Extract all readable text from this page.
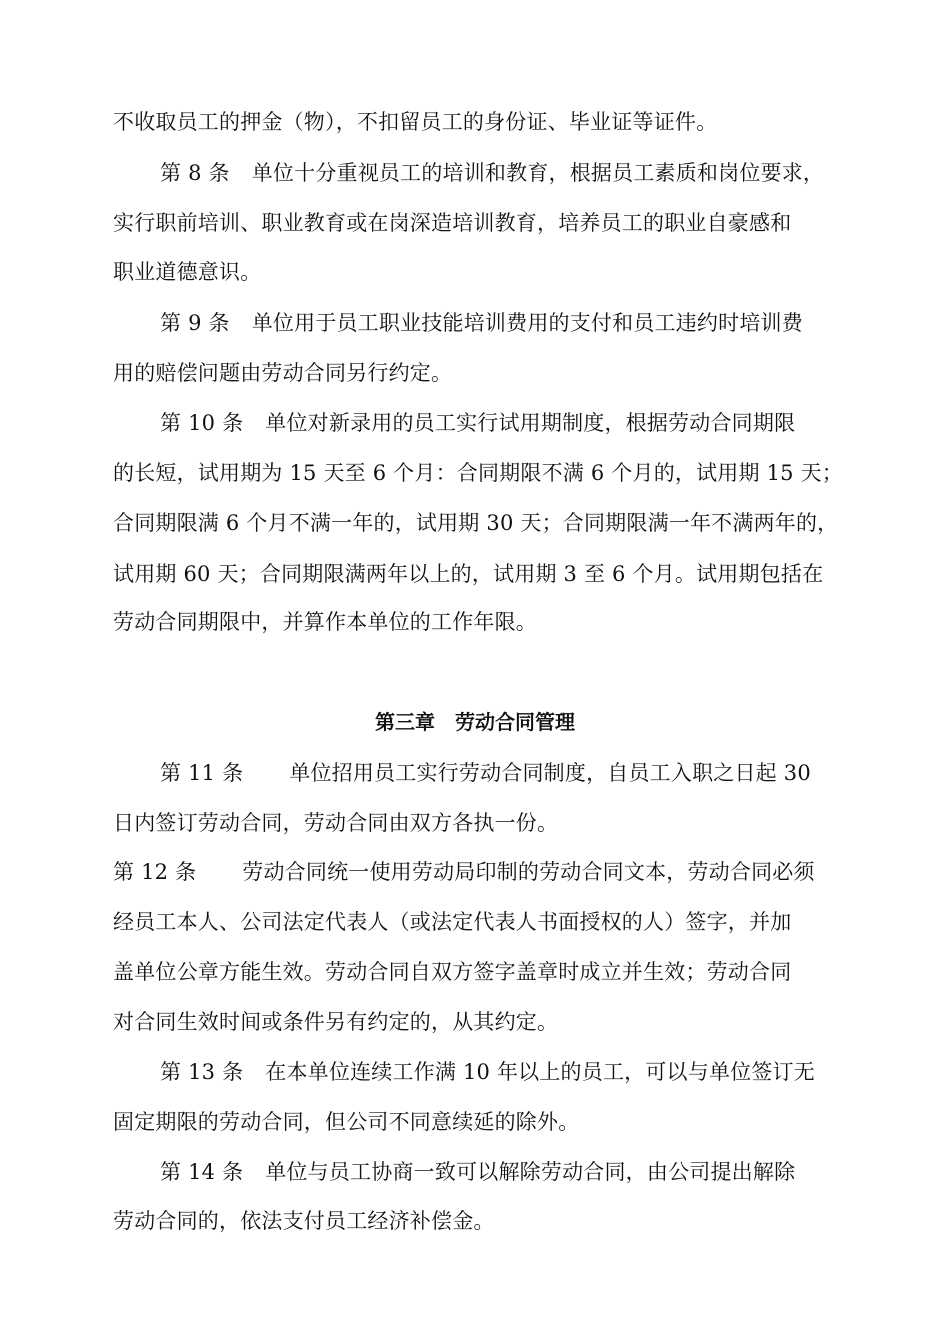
不收取员工的押金（物），不扣留员工的身份证、毕业证等证件。
第 8 条 单位十分重视员工的培训和教育，根据员工素质和岗位要求，
实行职前培训、职业教育或在岗深造培训教育，培养员工的职业自豪感和
职业道德意识。
第 9 条 单位用于员工职业技能培训费用的支付和员工违约时培训费
用的赔偿问题由劳动合同另行约定。
第 10 条 单位对新录用的员工实行试用期制度，根据劳动合同期限
的长短，试用期为 15 天至 6 个月：合同期限不满 6 个月的，试用期 15 天；
合同期限满 6 个月不满一年的，试用期 30 天；合同期限满一年不满两年的，
试用期 60 天；合同期限满两年以上的，试用期 3 至 6 个月。试用期包括在
劳动合同期限中，并算作本单位的工作年限。
第三章　劳动合同管理
第 11 条 单位招用员工实行劳动合同制度，自员工入职之日起 30
日内签订劳动合同，劳动合同由双方各执一份。
第 12 条 劳动合同统一使用劳动局印制的劳动合同文本，劳动合同必须
经员工本人、公司法定代表人（或法定代表人书面授权的人）签字，并加
盖单位公章方能生效。劳动合同自双方签字盖章时成立并生效；劳动合同
对合同生效时间或条件另有约定的，从其约定。
第 13 条 在本单位连续工作满 10 年以上的员工，可以与单位签订无
固定期限的劳动合同，但公司不同意续延的除外。
第 14 条 单位与员工协商一致可以解除劳动合同，由公司提出解除
劳动合同的，依法支付员工经济补偿金。
